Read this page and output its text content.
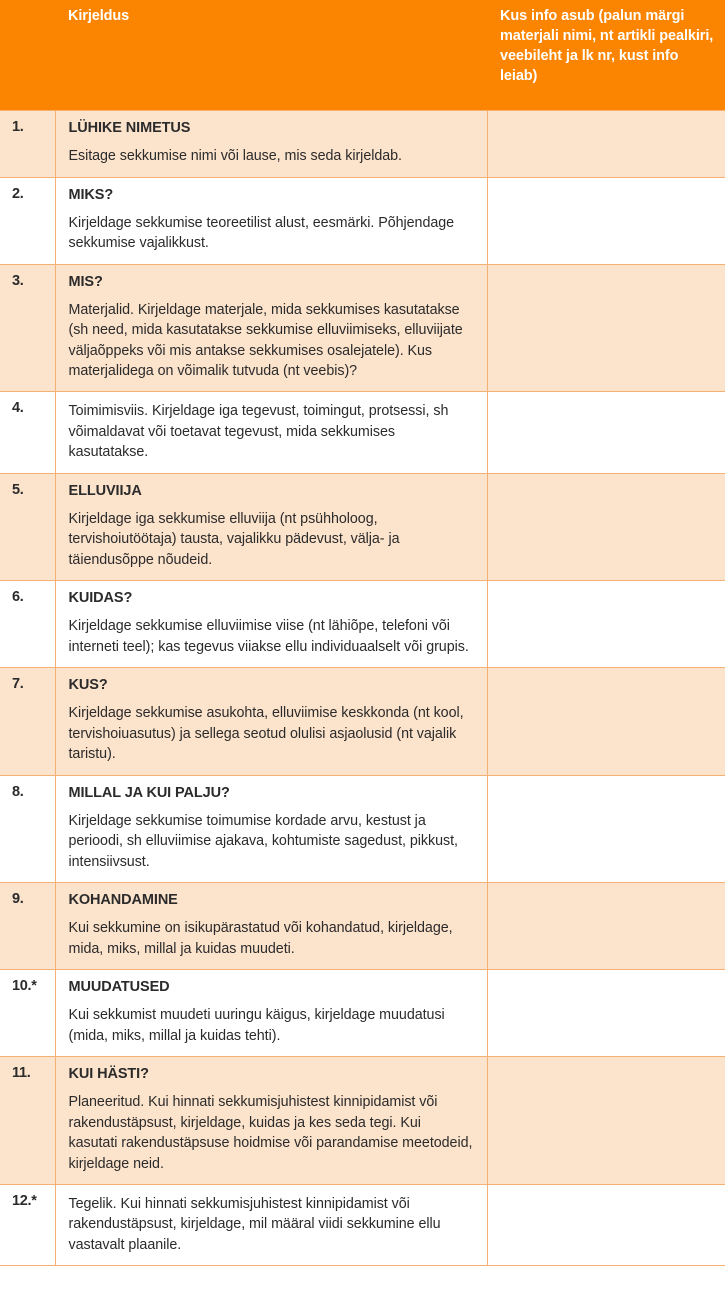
	Kirjeldus	Kus info asub (palun märgi materjali nimi, nt artikli pealkiri, veebileht ja lk nr, kust info leiab)
1.	LÜHIKE NIMETUS

Esitage sekkumise nimi või lause, mis seda kirjeldab.	

2.	MIKS?

Kirjeldage sekkumise teoreetilist alust, eesmärki. Põhjendage sekkumise vajalikkust.	

3.	MIS?

Materjalid. Kirjeldage materjale, mida sekkumises kasutatakse (sh need, mida kasutatakse sekkumise elluviimiseks, elluviijate väljaõppeks või mis antakse sekkumises osalejatele). Kus materjalidega on võimalik tutvuda (nt veebis)?	

4.	Toimimisviis. Kirjeldage iga tegevust, toimingut, protsessi, sh võimaldavat või toetavat tegevust, mida sekkumises kasutatakse.	

5.	ELLUVIIJA

Kirjeldage iga sekkumise elluviija (nt psühholoog, tervishoiutöötaja) tausta, vajalikku pädevust, välja- ja täiendusõppe nõudeid.	

6.	KUIDAS?

Kirjeldage sekkumise elluviimise viise (nt lähiõpe, telefoni või interneti teel); kas tegevus viiakse ellu individuaalselt või grupis.	

7.	KUS?

Kirjeldage sekkumise asukohta, elluviimise keskkonda (nt kool, tervishoiuasutus) ja sellega seotud olulisi asjaolusid (nt vajalik taristu).	

8.	MILLAL JA KUI PALJU?

Kirjeldage sekkumise toimumise kordade arvu, kestust ja perioodi, sh elluviimise ajakava, kohtumiste sagedust, pikkust, intensiivsust.	

9.	KOHANDAMINE

Kui sekkumine on isikupärastatud või kohandatud, kirjeldage, mida, miks, millal ja kuidas muudeti.	

10.*	MUUDATUSED

Kui sekkumist muudeti uuringu käigus, kirjeldage muudatusi (mida, miks, millal ja kuidas tehti).	

11.	KUI HÄSTI?

Planeeritud. Kui hinnati sekkumisjuhistest kinnipidamist või rakendustäpsust, kirjeldage, kuidas ja kes seda tegi. Kui kasutati rakendustäpsuse hoidmise või parandamise meetodeid, kirjeldage neid.	

12.*	Tegelik. Kui hinnati sekkumisjuhistest kinnipidamist või rakendustäpsust, kirjeldage, mil määral viidi sekkumine ellu vastavalt plaanile.	
